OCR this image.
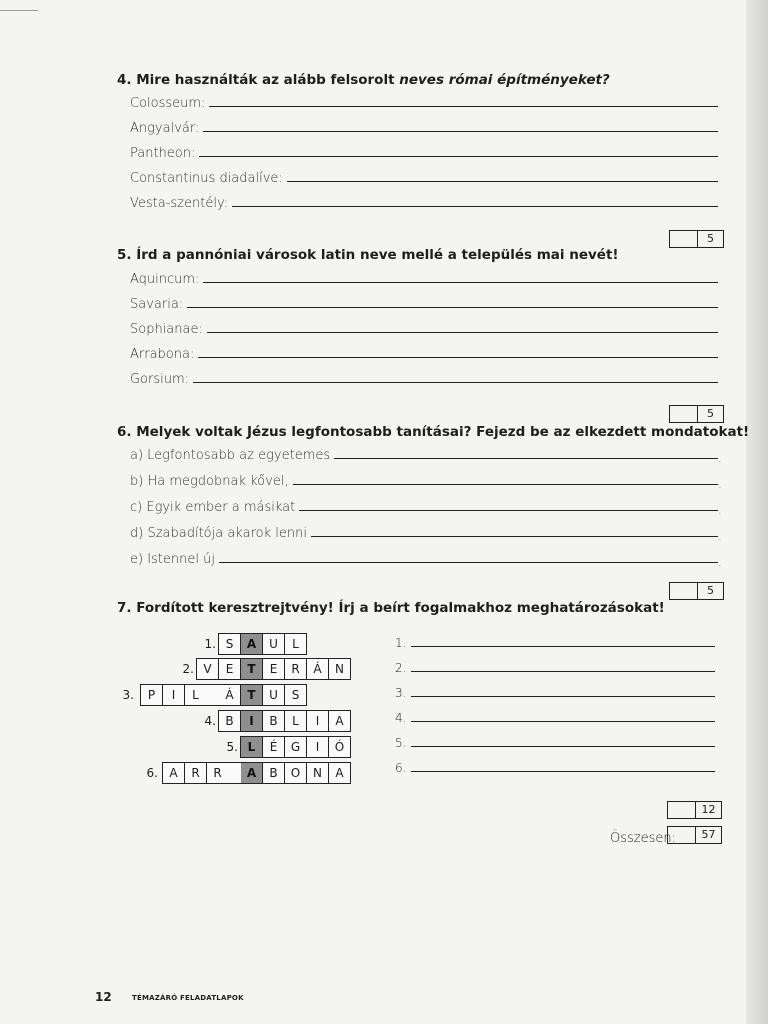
4. Mire használták az alább felsorolt neves római építményeket?
Colosseum:
Angyalvár:
Pantheon:
Constantinus diadalíve:
Vesta-szentély:
5
5. Írd a pannóniai városok latin neve mellé a település mai nevét!
Aquincum:
Savaria:
Sophianae:
Arrabona:
Gorsium:
5
6. Melyek voltak Jézus legfontosabb tanításai? Fejezd be az elkezdett mondatokat!
a) Legfontosabb az egyetemes	.
b) Ha megdobnak kővel,	.
c) Egyik ember a másikat	.
d) Szabadítója akarok lenni	.
e) Istennel új	.
5
7. Fordított keresztrejtvény! Írj a beírt fogalmakhoz meghatározásokat!
1. S	A	U	L
2. V	E	T	E	R	Á	N
3.	P	I	L	Á	T	U	S
4. B	I	B	L	I	A
5. L	É	G	I	Ó
6. A	R	R	A	B	O	N	A
1.
2.
3.
4.
5.
6.
12
Összesen:	57
12	TÉMAZÁRÓ FELADATLAPOK
